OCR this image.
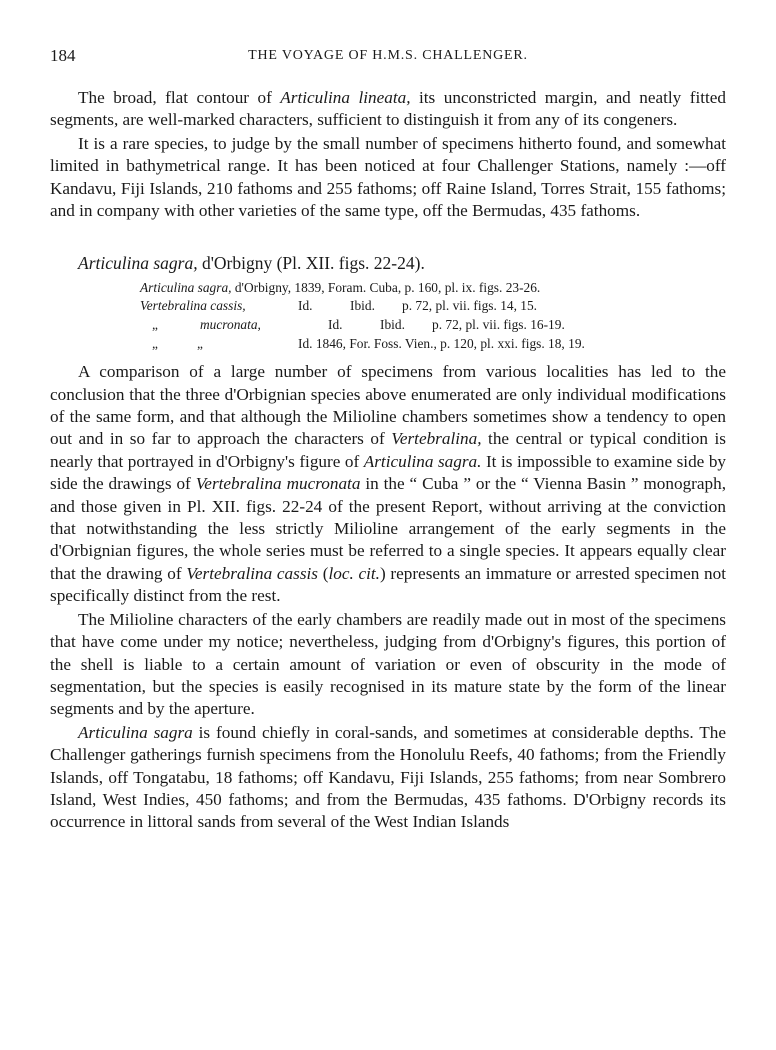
184	THE VOYAGE OF H.M.S. CHALLENGER.

The broad, flat contour of Articulina lineata, its unconstricted margin, and neatly fitted segments, are well-marked characters, sufficient to distinguish it from any of its congeners.

It is a rare species, to judge by the small number of specimens hitherto found, and somewhat limited in bathymetrical range. It has been noticed at four Challenger Stations, namely :—off Kandavu, Fiji Islands, 210 fathoms and 255 fathoms; off Raine Island, Torres Strait, 155 fathoms; and in company with other varieties of the same type, off the Bermudas, 435 fathoms.

Articulina sagra, d'Orbigny (Pl. XII. figs. 22-24).

Articulina sagra, d'Orbigny, 1839, Foram. Cuba, p. 160, pl. ix. figs. 23-26.
Vertebralina cassis,	Id.	Ibid.	p. 72, pl. vii. figs. 14, 15.
„	mucronata,	Id.	Ibid.	p. 72, pl. vii. figs. 16-19.
„	„	Id. 1846, For. Foss. Vien., p. 120, pl. xxi. figs. 18, 19.

A comparison of a large number of specimens from various localities has led to the conclusion that the three d'Orbignian species above enumerated are only individual modifications of the same form, and that although the Milioline chambers sometimes show a tendency to open out and in so far to approach the characters of Vertebralina, the central or typical condition is nearly that portrayed in d'Orbigny's figure of Articulina sagra. It is impossible to examine side by side the drawings of Vertebralina mucronata in the “ Cuba ” or the “ Vienna Basin ” monograph, and those given in Pl. XII. figs. 22-24 of the present Report, without arriving at the conviction that notwithstanding the less strictly Milioline arrangement of the early segments in the d'Orbignian figures, the whole series must be referred to a single species. It appears equally clear that the drawing of Vertebralina cassis (loc. cit.) represents an immature or arrested specimen not specifically distinct from the rest.

The Milioline characters of the early chambers are readily made out in most of the specimens that have come under my notice; nevertheless, judging from d'Orbigny's figures, this portion of the shell is liable to a certain amount of variation or even of obscurity in the mode of segmentation, but the species is easily recognised in its mature state by the form of the linear segments and by the aperture.

Articulina sagra is found chiefly in coral-sands, and sometimes at considerable depths. The Challenger gatherings furnish specimens from the Honolulu Reefs, 40 fathoms; from the Friendly Islands, off Tongatabu, 18 fathoms; off Kandavu, Fiji Islands, 255 fathoms; from near Sombrero Island, West Indies, 450 fathoms; and from the Bermudas, 435 fathoms. D'Orbigny records its occurrence in littoral sands from several of the West Indian Islands
